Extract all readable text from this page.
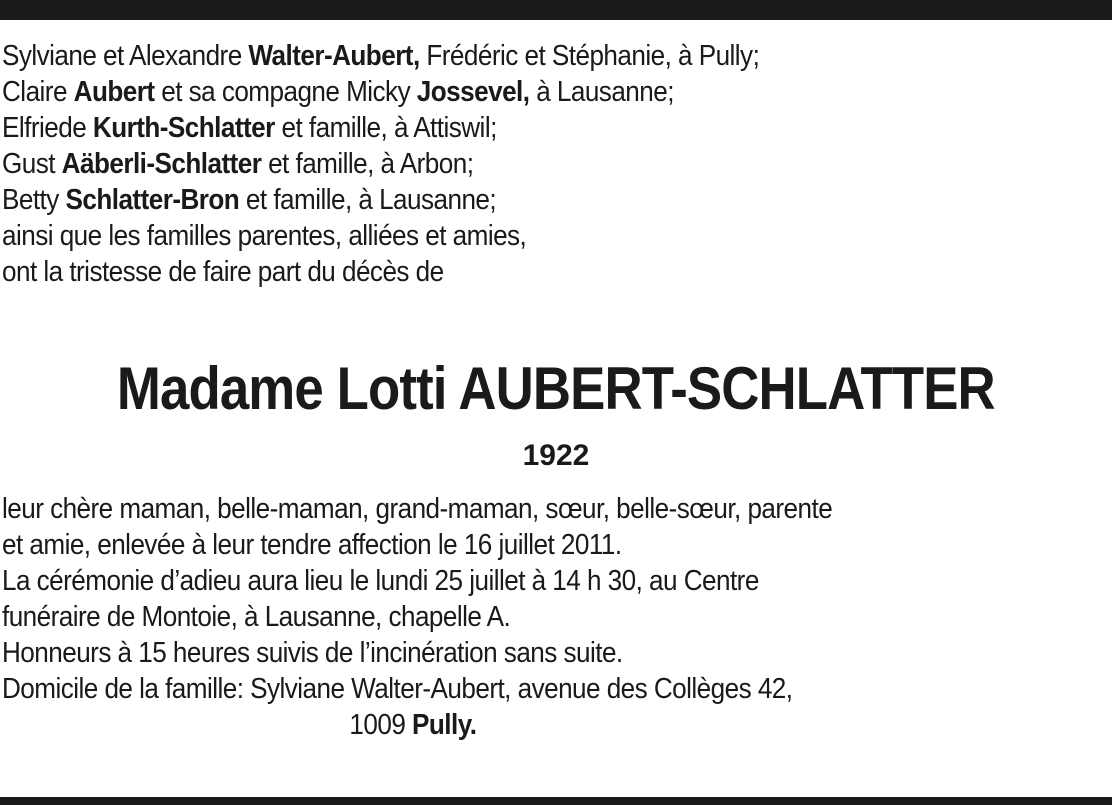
Sylviane et Alexandre Walter-Aubert, Frédéric et Stéphanie, à Pully;
Claire Aubert et sa compagne Micky Jossevel, à Lausanne;
Elfriede Kurth-Schlatter et famille, à Attiswil;
Gust Aäberli-Schlatter et famille, à Arbon;
Betty Schlatter-Bron et famille, à Lausanne;
ainsi que les familles parentes, alliées et amies,
ont la tristesse de faire part du décès de
Madame Lotti AUBERT-SCHLATTER
1922

leur chère maman, belle-maman, grand-maman, sœur, belle-sœur, parente

et amie, enlevée à leur tendre affection le 16 juillet 2011.

La cérémonie d’adieu aura lieu le lundi 25 juillet à 14 h 30, au Centre

funéraire de Montoie, à Lausanne, chapelle A.

Honneurs à 15 heures suivis de l’incinération sans suite.

Domicile de la famille: Sylviane Walter-Aubert, avenue des Collèges 42,

1009 Pully.
